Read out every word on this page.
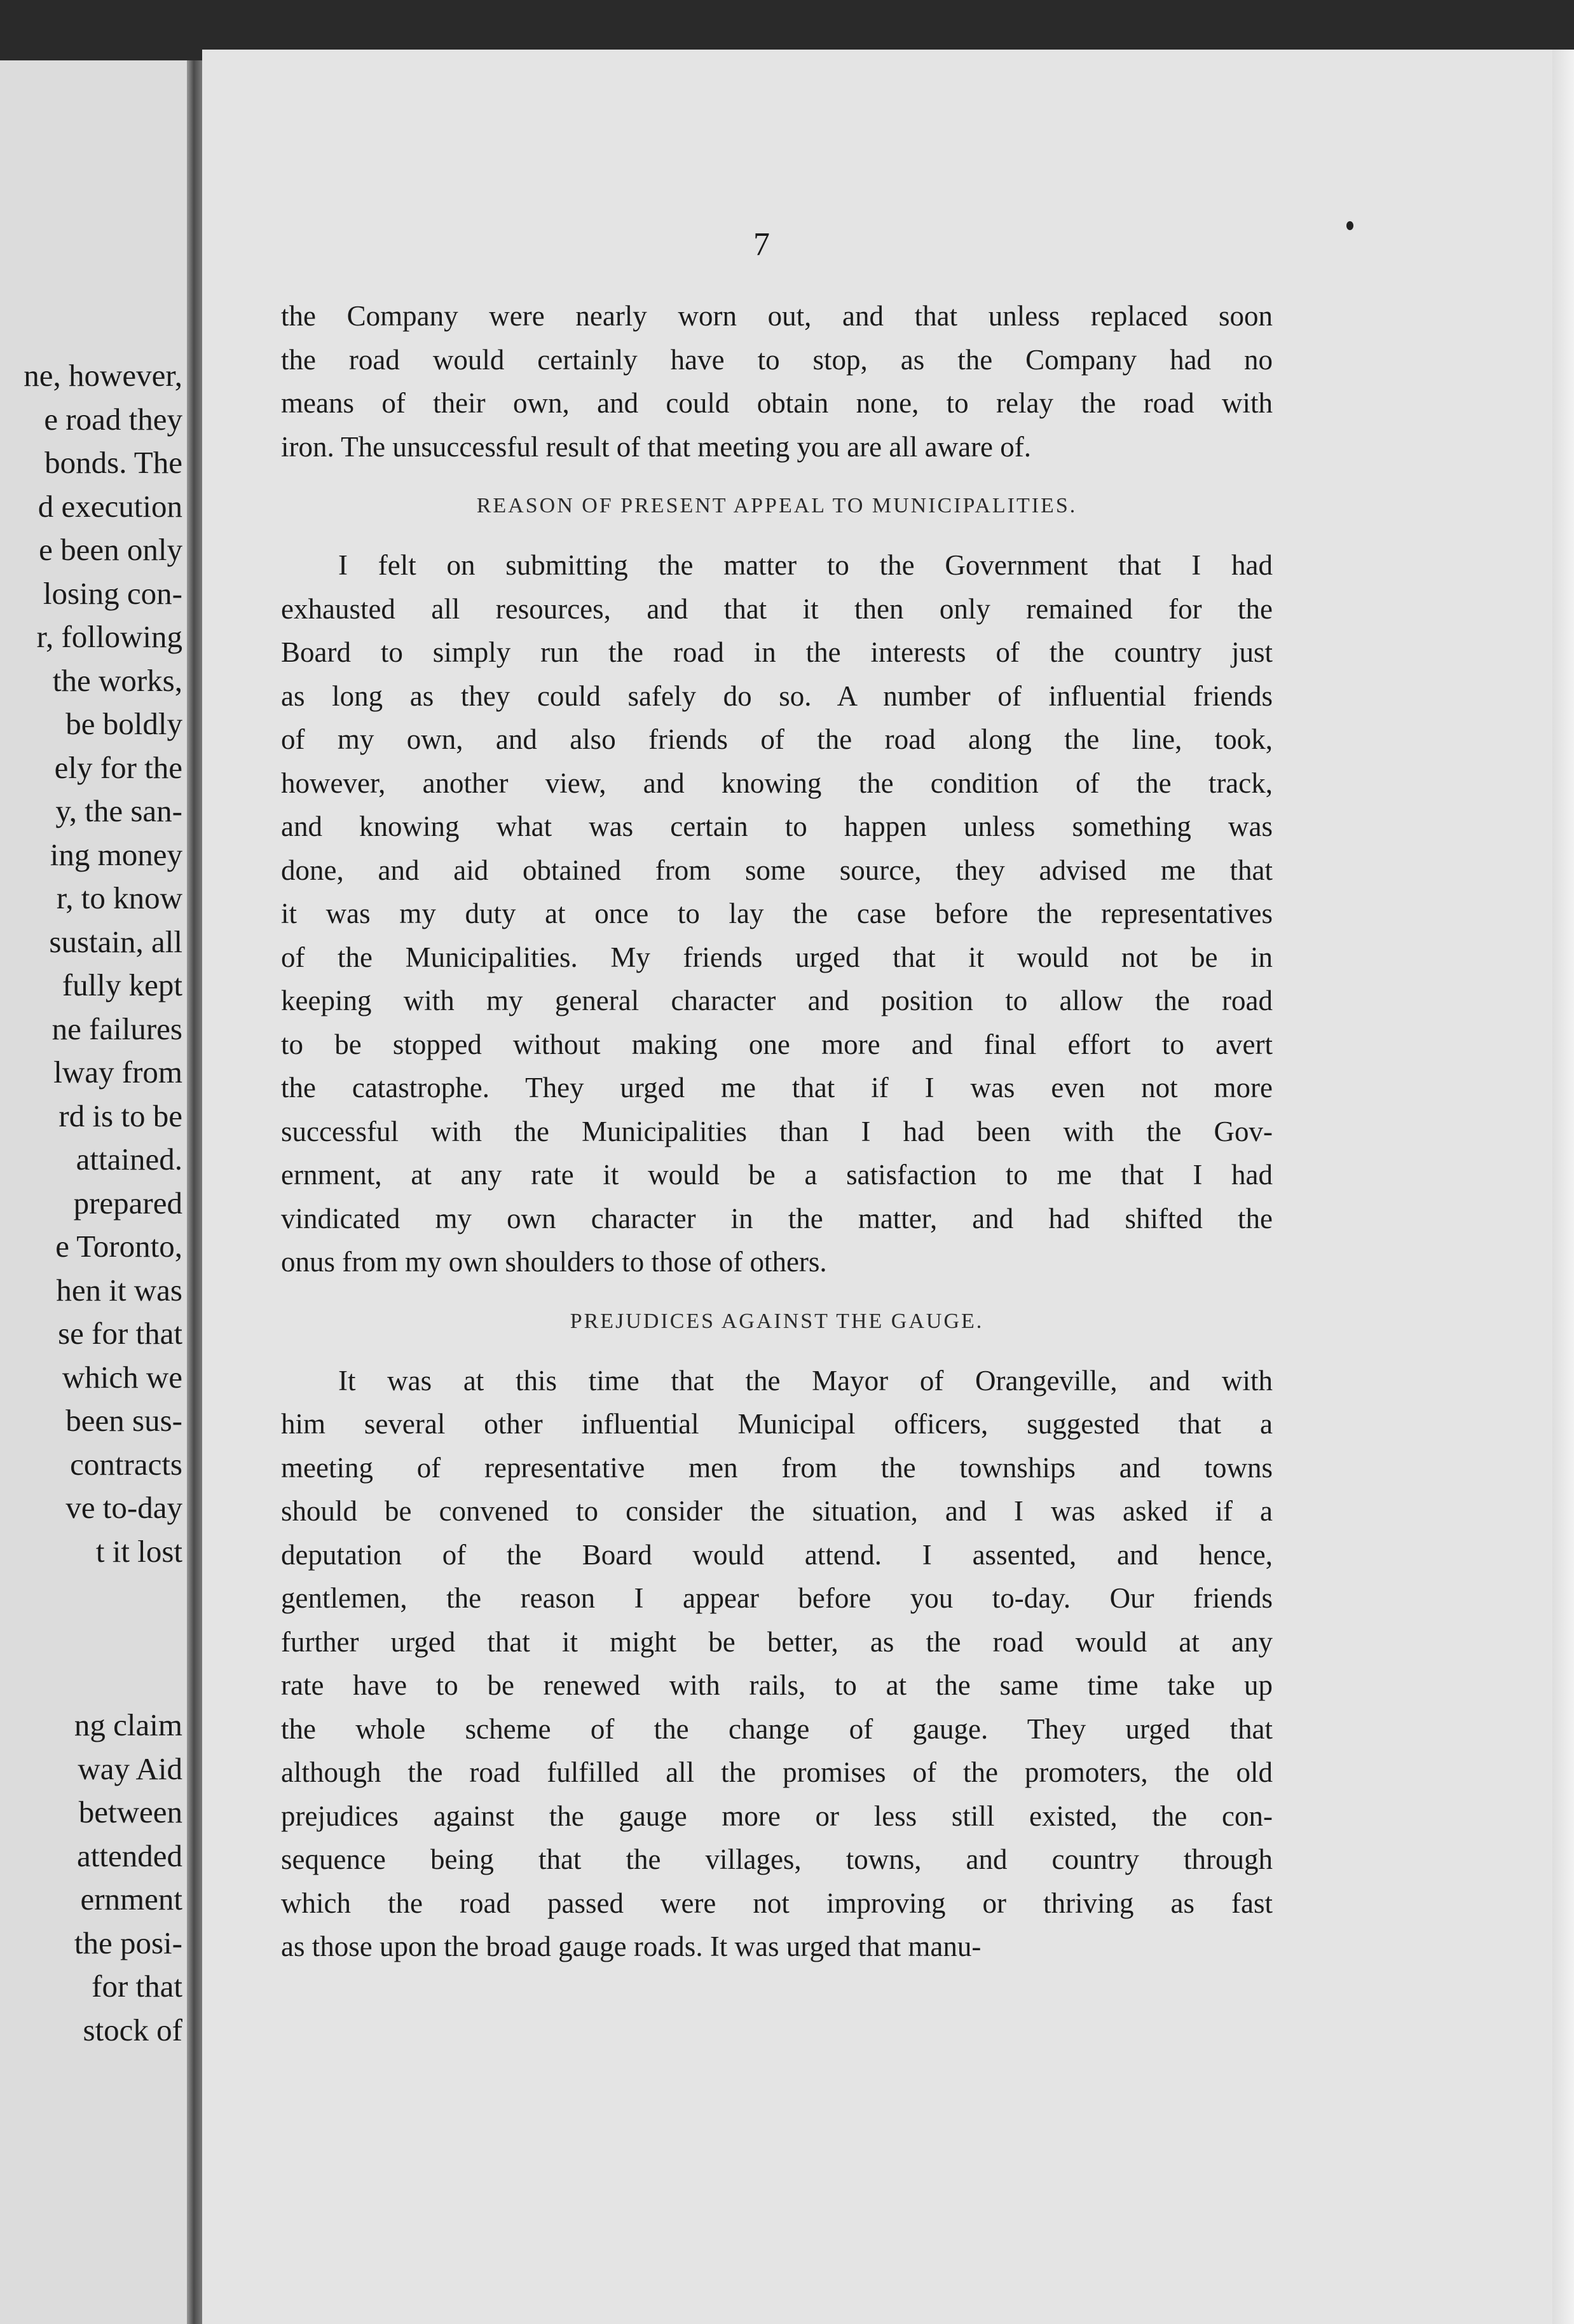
ne, however,
e road they
bonds. The
d execution
e been only
losing con-
r, following
the works,
be boldly
ely for the
y, the san-
ing money
r, to know
sustain, all
fully kept
ne failures
lway from
rd is to be
attained.
prepared
e Toronto,
hen it was
se for that
which we
been sus-
contracts
ve to-day
t it lost
ng claim
way Aid
between
attended
ernment
the posi-
for that
stock of
7
the Company were nearly worn out, and that unless replaced soon
the road would certainly have to stop, as the Company had no
means of their own, and could obtain none, to relay the road with
iron. The unsuccessful result of that meeting you are all aware of.
REASON OF PRESENT APPEAL TO MUNICIPALITIES.
I felt on submitting the matter to the Government that I had
exhausted all resources, and that it then only remained for the
Board to simply run the road in the interests of the country just
as long as they could safely do so. A number of influential friends
of my own, and also friends of the road along the line, took,
however, another view, and knowing the condition of the track,
and knowing what was certain to happen unless something was
done, and aid obtained from some source, they advised me that
it was my duty at once to lay the case before the representatives
of the Municipalities. My friends urged that it would not be in
keeping with my general character and position to allow the road
to be stopped without making one more and final effort to avert
the catastrophe. They urged me that if I was even not more
successful with the Municipalities than I had been with the Gov-
ernment, at any rate it would be a satisfaction to me that I had
vindicated my own character in the matter, and had shifted the
onus from my own shoulders to those of others.
PREJUDICES AGAINST THE GAUGE.
It was at this time that the Mayor of Orangeville, and with
him several other influential Municipal officers, suggested that a
meeting of representative men from the townships and towns
should be convened to consider the situation, and I was asked if a
deputation of the Board would attend. I assented, and hence,
gentlemen, the reason I appear before you to-day. Our friends
further urged that it might be better, as the road would at any
rate have to be renewed with rails, to at the same time take up
the whole scheme of the change of gauge. They urged that
although the road fulfilled all the promises of the promoters, the old
prejudices against the gauge more or less still existed, the con-
sequence being that the villages, towns, and country through
which the road passed were not improving or thriving as fast
as those upon the broad gauge roads. It was urged that manu-
